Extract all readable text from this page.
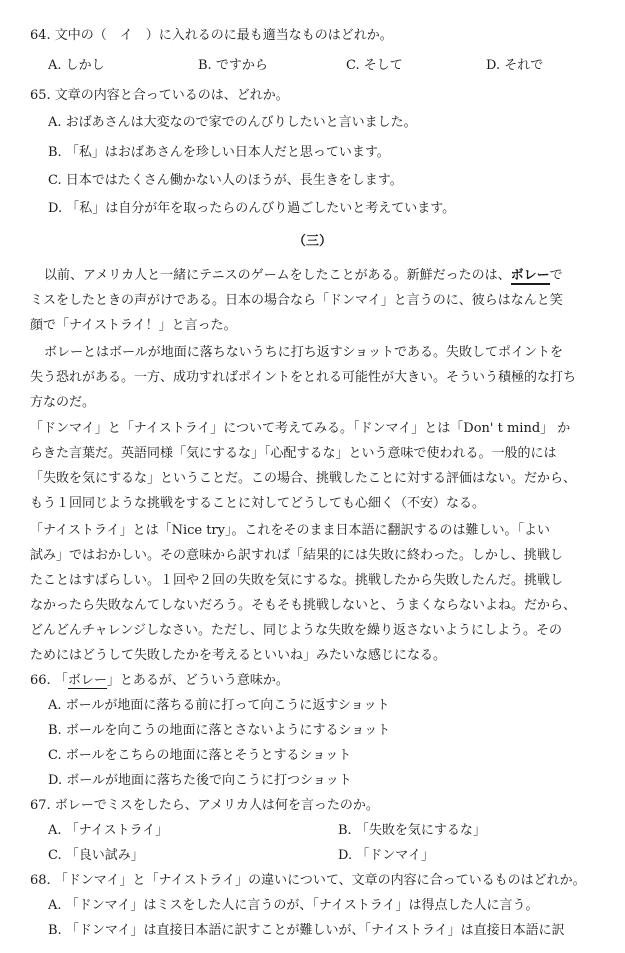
64. 文中の（　イ　）に入れるのに最も適当なものはどれか。
A. しかし	B. ですから	C. そして	D. それで
65. 文章の内容と合っているのは、どれか。
A. おばあさんは大変なので家でのんびりしたいと言いました。
B. 「私」はおばあさんを珍しい日本人だと思っています。
C. 日本ではたくさん働かない人のほうが、長生きをします。
D. 「私」は自分が年を取ったらのんびり過ごしたいと考えています。
（三）
以前、アメリカ人と一緒にテニスのゲームをしたことがある。新鮮だったのは、ボレーで
ミスをしたときの声がけである。日本の場合なら「ドンマイ」と言うのに、彼らはなんと笑
顔で「ナイストライ！」と言った。
ボレーとはボールが地面に落ちないうちに打ち返すショットである。失敗してポイントを
失う恐れがある。一方、成功すればポイントをとれる可能性が大きい。そういう積極的な打ち
方なのだ。
「ドンマイ」と「ナイストライ」について考えてみる。「ドンマイ」とは「Don' t mind」 か
らきた言葉だ。英語同様「気にするな」「心配するな」という意味で使われる。一般的には
「失敗を気にするな」ということだ。この場合、挑戦したことに対する評価はない。だから、
もう１回同じような挑戦をすることに対してどうしても心細く（不安）なる。
「ナイストライ」とは「Nice try」。これをそのまま日本語に翻訳するのは難しい。「よい
試み」ではおかしい。その意味から訳すれば「結果的には失敗に終わった。しかし、挑戦し
たことはすばらしい。１回や２回の失敗を気にするな。挑戦したから失敗したんだ。挑戦し
なかったら失敗なんてしないだろう。そもそも挑戦しないと、うまくならないよね。だから、
どんどんチャレンジしなさい。ただし、同じような失敗を繰り返さないようにしよう。その
ためにはどうして失敗したかを考えるといいね」みたいな感じになる。
66. 「ボレー」とあるが、どういう意味か。
A. ボールが地面に落ちる前に打って向こうに返すショット
B. ボールを向こうの地面に落とさないようにするショット
C. ボールをこちらの地面に落とそうとするショット
D. ボールが地面に落ちた後で向こうに打つショット
67. ボレーでミスをしたら、アメリカ人は何を言ったのか。
A. 「ナイストライ」	B. 「失敗を気にするな」
C. 「良い試み」	D. 「ドンマイ」
68. 「ドンマイ」と「ナイストライ」の違いについて、文章の内容に合っているものはどれか。
A. 「ドンマイ」はミスをした人に言うのが、「ナイストライ」は得点した人に言う。
B. 「ドンマイ」は直接日本語に訳すことが難しいが、「ナイストライ」は直接日本語に訳
